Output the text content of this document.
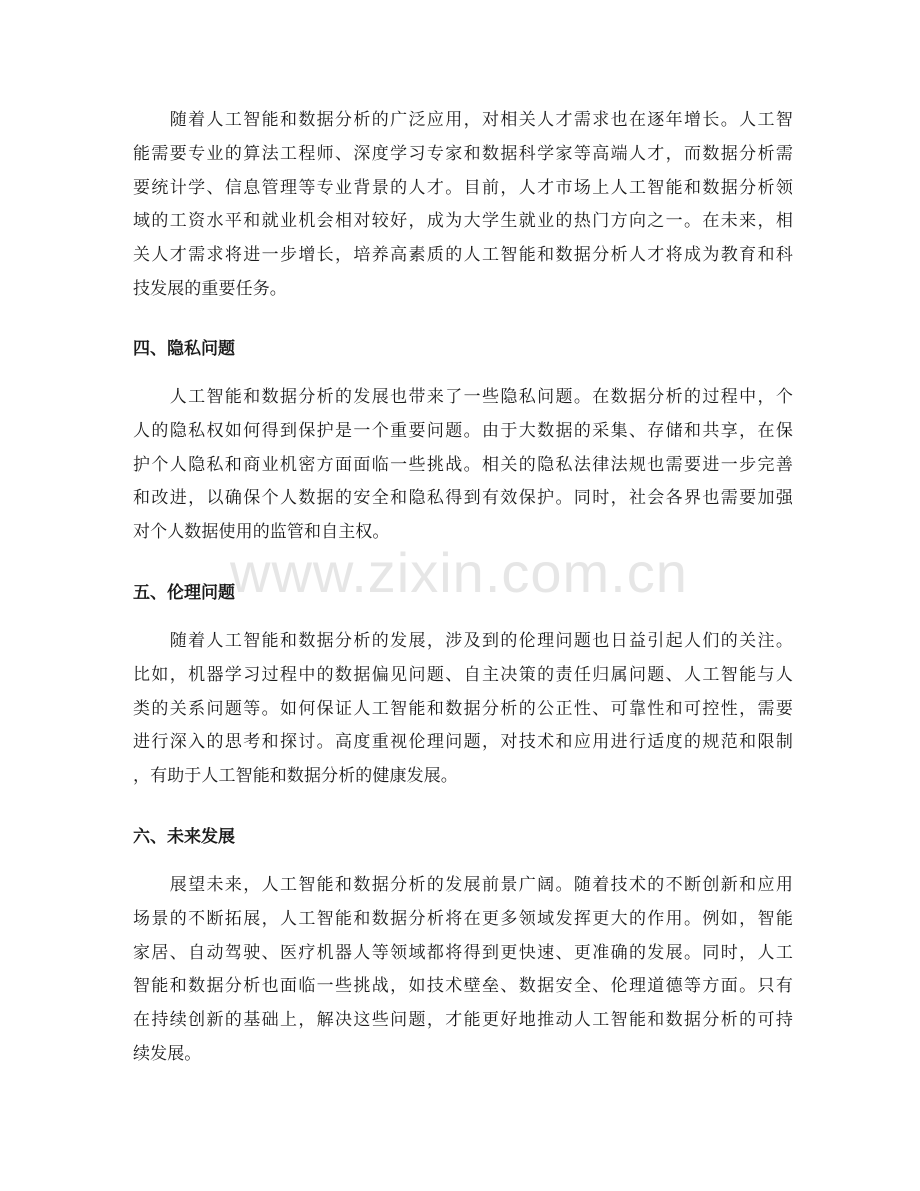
　　随着人工智能和数据分析的广泛应用，对相关人才需求也在逐年增长。人工智
能需要专业的算法工程师、深度学习专家和数据科学家等高端人才，而数据分析需
要统计学、信息管理等专业背景的人才。目前，人才市场上人工智能和数据分析领
域的工资水平和就业机会相对较好，成为大学生就业的热门方向之一。在未来，相
关人才需求将进一步增长，培养高素质的人工智能和数据分析人才将成为教育和科
技发展的重要任务。
四、隐私问题
　　人工智能和数据分析的发展也带来了一些隐私问题。在数据分析的过程中，个
人的隐私权如何得到保护是一个重要问题。由于大数据的采集、存储和共享，在保
护个人隐私和商业机密方面面临一些挑战。相关的隐私法律法规也需要进一步完善
和改进，以确保个人数据的安全和隐私得到有效保护。同时，社会各界也需要加强
对个人数据使用的监管和自主权。
五、伦理问题
　　随着人工智能和数据分析的发展，涉及到的伦理问题也日益引起人们的关注。
比如，机器学习过程中的数据偏见问题、自主决策的责任归属问题、人工智能与人
类的关系问题等。如何保证人工智能和数据分析的公正性、可靠性和可控性，需要
进行深入的思考和探讨。高度重视伦理问题，对技术和应用进行适度的规范和限制
，有助于人工智能和数据分析的健康发展。
六、未来发展
　　展望未来，人工智能和数据分析的发展前景广阔。随着技术的不断创新和应用
场景的不断拓展，人工智能和数据分析将在更多领域发挥更大的作用。例如，智能
家居、自动驾驶、医疗机器人等领域都将得到更快速、更准确的发展。同时，人工
智能和数据分析也面临一些挑战，如技术壁垒、数据安全、伦理道德等方面。只有
在持续创新的基础上，解决这些问题，才能更好地推动人工智能和数据分析的可持
续发展。
www.zixin.com.cn
